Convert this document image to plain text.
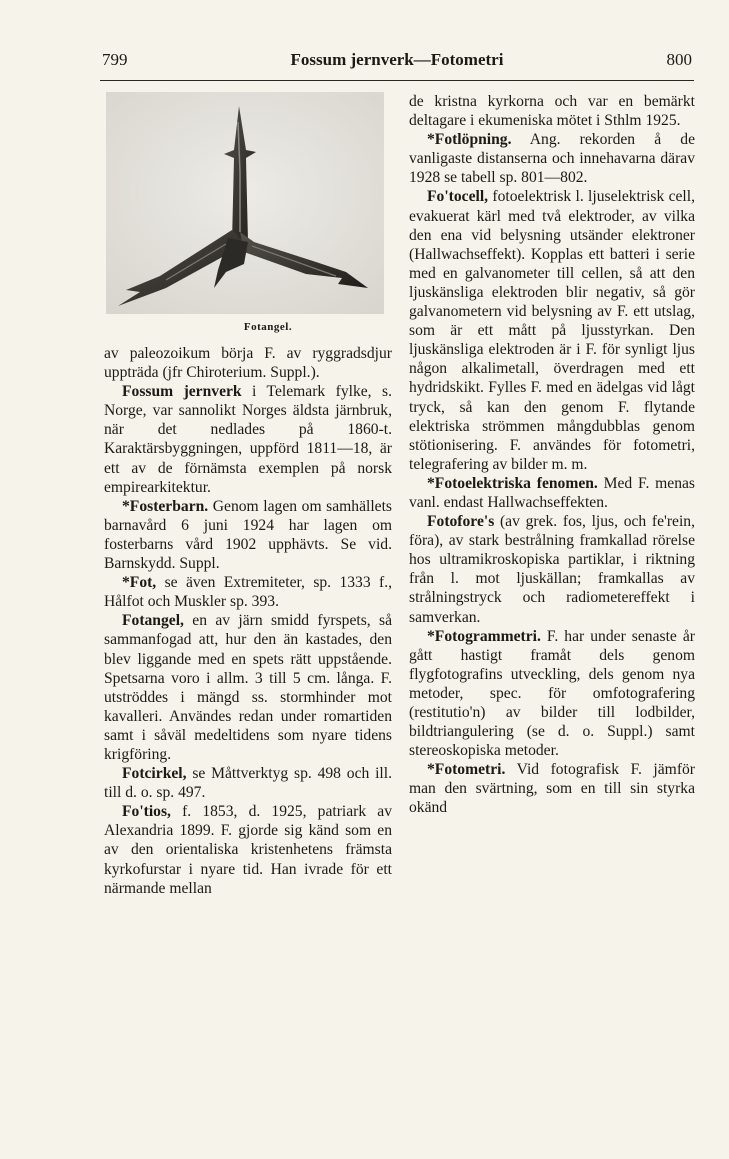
799	Fossum jernverk—Fotometri	800
Fotangel.

av paleozoikum börja F. av ryggradsdjur uppträda (jfr Chiroterium. Suppl.).

Fossum jernverk i Telemark fylke, s. Norge, var sannolikt Norges äldsta järnbruk, när det nedlades på 1860-t. Karaktärsbyggningen, uppförd 1811—18, är ett av de förnämsta exemplen på norsk empirearkitektur.

*Fosterbarn. Genom lagen om samhällets barnavård 6 juni 1924 har lagen om fosterbarns vård 1902 upphävts. Se vid. Barnskydd. Suppl.

*Fot, se även Extremiteter, sp. 1333 f., Hålfot och Muskler sp. 393.

Fotangel, en av järn smidd fyrspets, så sammanfogad att, hur den än kastades, den blev liggande med en spets rätt uppstående. Spetsarna voro i allm. 3 till 5 cm. långa. F. utströddes i mängd ss. stormhinder mot kavalleri. Användes redan under romartiden samt i såväl medeltidens som nyare tidens krigföring.

Fotcirkel, se Måttverktyg sp. 498 och ill. till d. o. sp. 497.

Fo'tios, f. 1853, d. 1925, patriark av Alexandria 1899. F. gjorde sig känd som en av den orientaliska kristenhetens främsta kyrkofurstar i nyare tid. Han ivrade för ett närmande mellan

de kristna kyrkorna och var en bemärkt deltagare i ekumeniska mötet i Sthlm 1925.

*Fotlöpning. Ang. rekorden å de vanligaste distanserna och innehavarna därav 1928 se tabell sp. 801—802.

Fo'tocell, fotoelektrisk l. ljuselektrisk cell, evakuerat kärl med två elektroder, av vilka den ena vid belysning utsänder elektroner (Hallwachseffekt). Kopplas ett batteri i serie med en galvanometer till cellen, så att den ljuskänsliga elektroden blir negativ, så gör galvanometern vid belysning av F. ett utslag, som är ett mått på ljusstyrkan. Den ljuskänsliga elektroden är i F. för synligt ljus någon alkalimetall, överdragen med ett hydridskikt. Fylles F. med en ädelgas vid lågt tryck, så kan den genom F. flytande elektriska strömmen mångdubblas genom stötionisering. F. användes för fotometri, telegrafering av bilder m. m.

*Fotoelektriska fenomen. Med F. menas vanl. endast Hallwachseffekten.

Fotofore's (av grek. fos, ljus, och fe'rein, föra), av stark bestrålning framkallad rörelse hos ultramikroskopiska partiklar, i riktning från l. mot ljuskällan; framkallas av strålningstryck och radiometereffekt i samverkan.

*Fotogrammetri. F. har under senaste år gått hastigt framåt dels genom flygfotografins utveckling, dels genom nya metoder, spec. för omfotografering (restitutio'n) av bilder till lodbilder, bildtriangulering (se d. o. Suppl.) samt stereoskopiska metoder.

*Fotometri. Vid fotografisk F. jämför man den svärtning, som en till sin styrka okänd
